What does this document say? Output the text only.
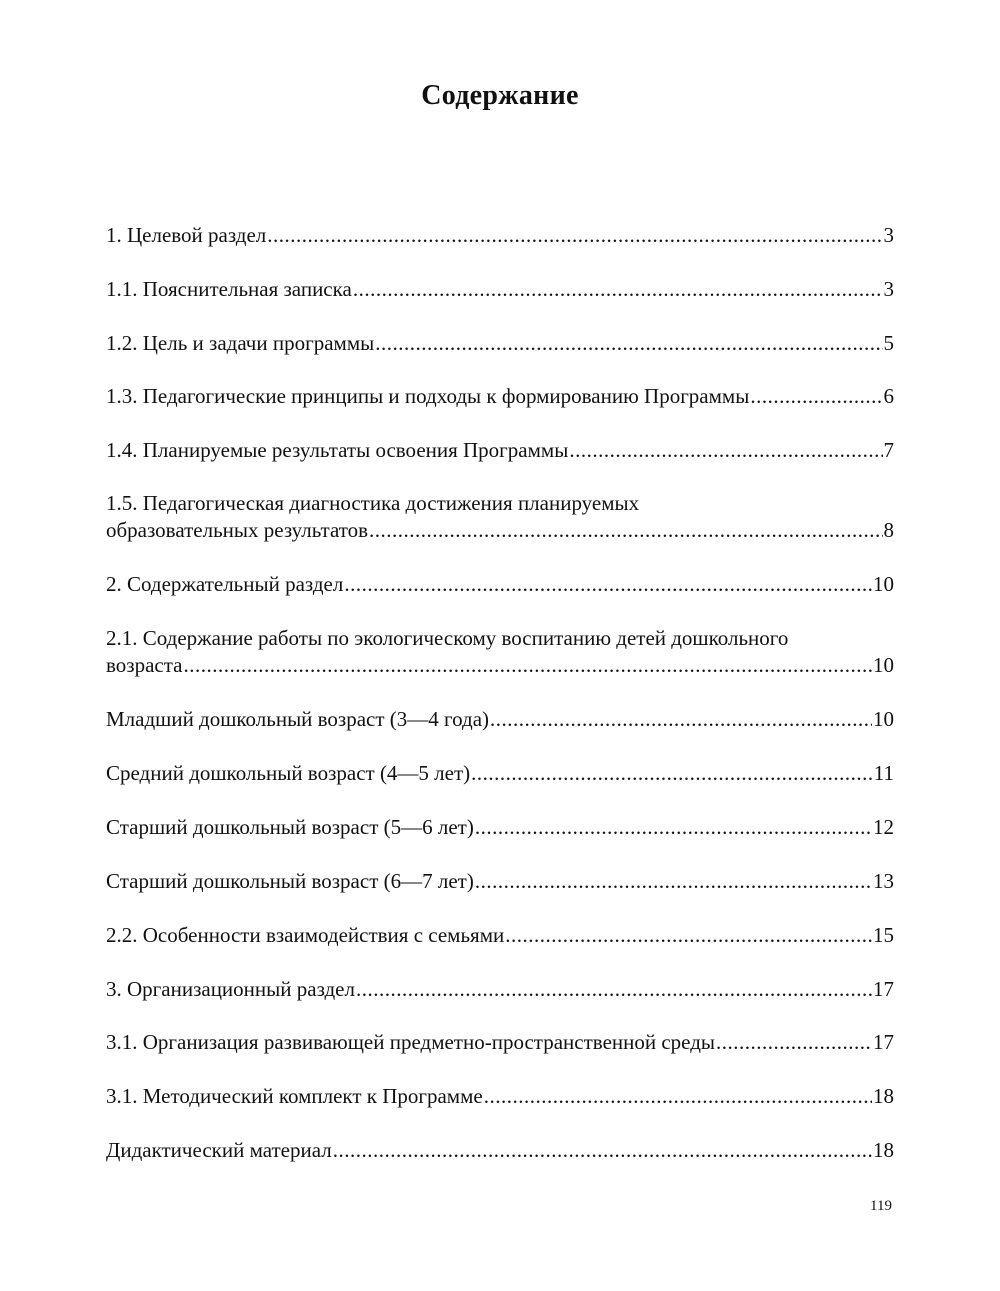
Содержание
1. Целевой раздел .....	3
1.1. Пояснительная записка .....	3
1.2. Цель и задачи программы .....	5
1.3. Педагогические принципы и подходы к формированию Программы .....	6
1.4. Планируемые результаты освоения Программы .....	7
1.5. Педагогическая диагностика достижения планируемых
образовательных результатов .....	8
2. Содержательный раздел .....	10
2.1. Содержание работы по экологическому воспитанию детей дошкольного
возраста .....	10
Младший дошкольный возраст (3—4 года) .....	10
Средний дошкольный возраст (4—5 лет) .....	11
Старший дошкольный возраст (5—6 лет) .....	12
Старший дошкольный возраст (6—7 лет) .....	13
2.2. Особенности взаимодействия с семьями .....	15
3. Организационный раздел .....	17
3.1. Организация развивающей предметно-пространственной среды .....	17
3.1. Методический комплект к Программе .....	18
Дидактический материал .....	18
119
